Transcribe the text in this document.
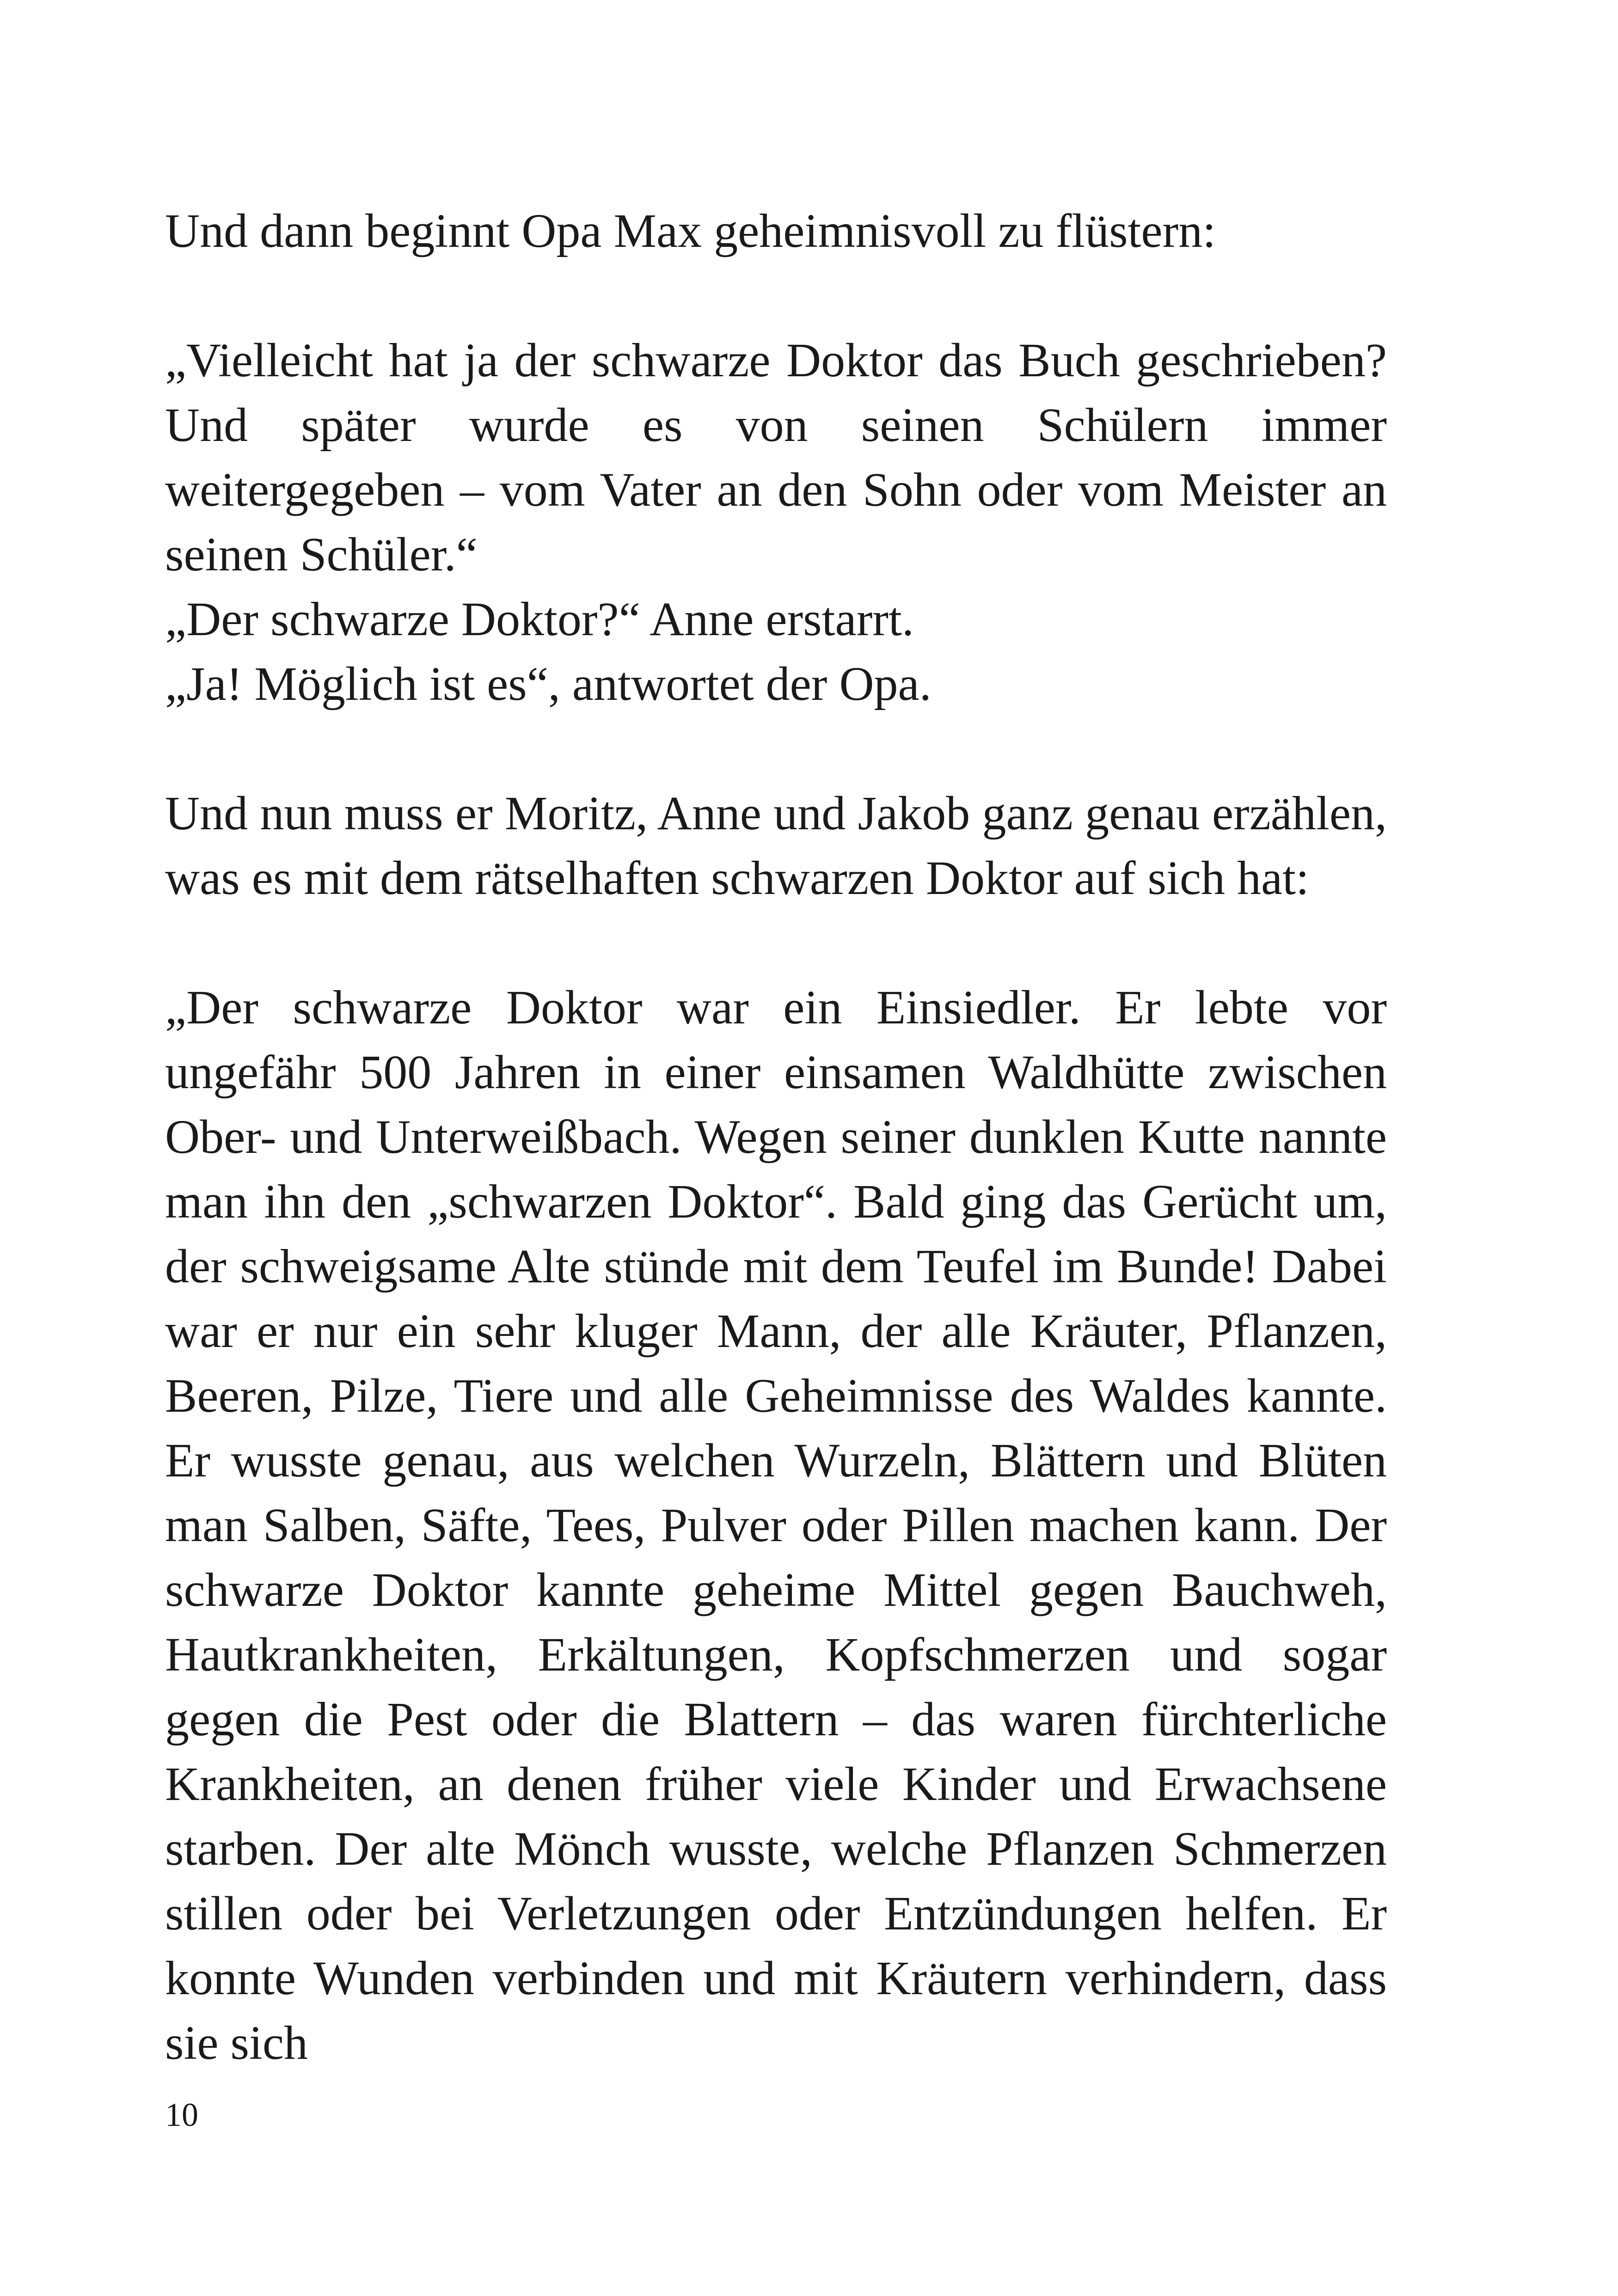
Und dann beginnt Opa Max geheimnisvoll zu flüstern:

„Vielleicht hat ja der schwarze Doktor das Buch geschrieben? Und später wurde es von seinen Schülern immer weitergegeben – vom Vater an den Sohn oder vom Meister an seinen Schüler.“

„Der schwarze Doktor?“ Anne erstarrt.

„Ja! Möglich ist es“, antwortet der Opa.

Und nun muss er Moritz, Anne und Jakob ganz genau erzählen, was es mit dem rätselhaften schwarzen Doktor auf sich hat:

„Der schwarze Doktor war ein Einsiedler. Er lebte vor ungefähr 500 Jahren in einer einsamen Waldhütte zwischen Ober- und Unterweißbach. Wegen seiner dunklen Kutte nannte man ihn den „schwarzen Doktor“. Bald ging das Gerücht um, der schweigsame Alte stünde mit dem Teufel im Bunde! Dabei war er nur ein sehr kluger Mann, der alle Kräuter, Pflanzen, Beeren, Pilze, Tiere und alle Geheimnisse des Waldes kannte. Er wusste genau, aus welchen Wurzeln, Blättern und Blüten man Salben, Säfte, Tees, Pulver oder Pillen machen kann. Der schwarze Doktor kannte geheime Mittel gegen Bauchweh, Hautkrankheiten, Erkältungen, Kopfschmerzen und sogar gegen die Pest oder die Blattern – das waren fürchterliche Krankheiten, an denen früher viele Kinder und Erwachsene starben. Der alte Mönch wusste, welche Pflanzen Schmerzen stillen oder bei Verletzungen oder Entzündungen helfen. Er konnte Wunden verbinden und mit Kräutern verhindern, dass sie sich

10
